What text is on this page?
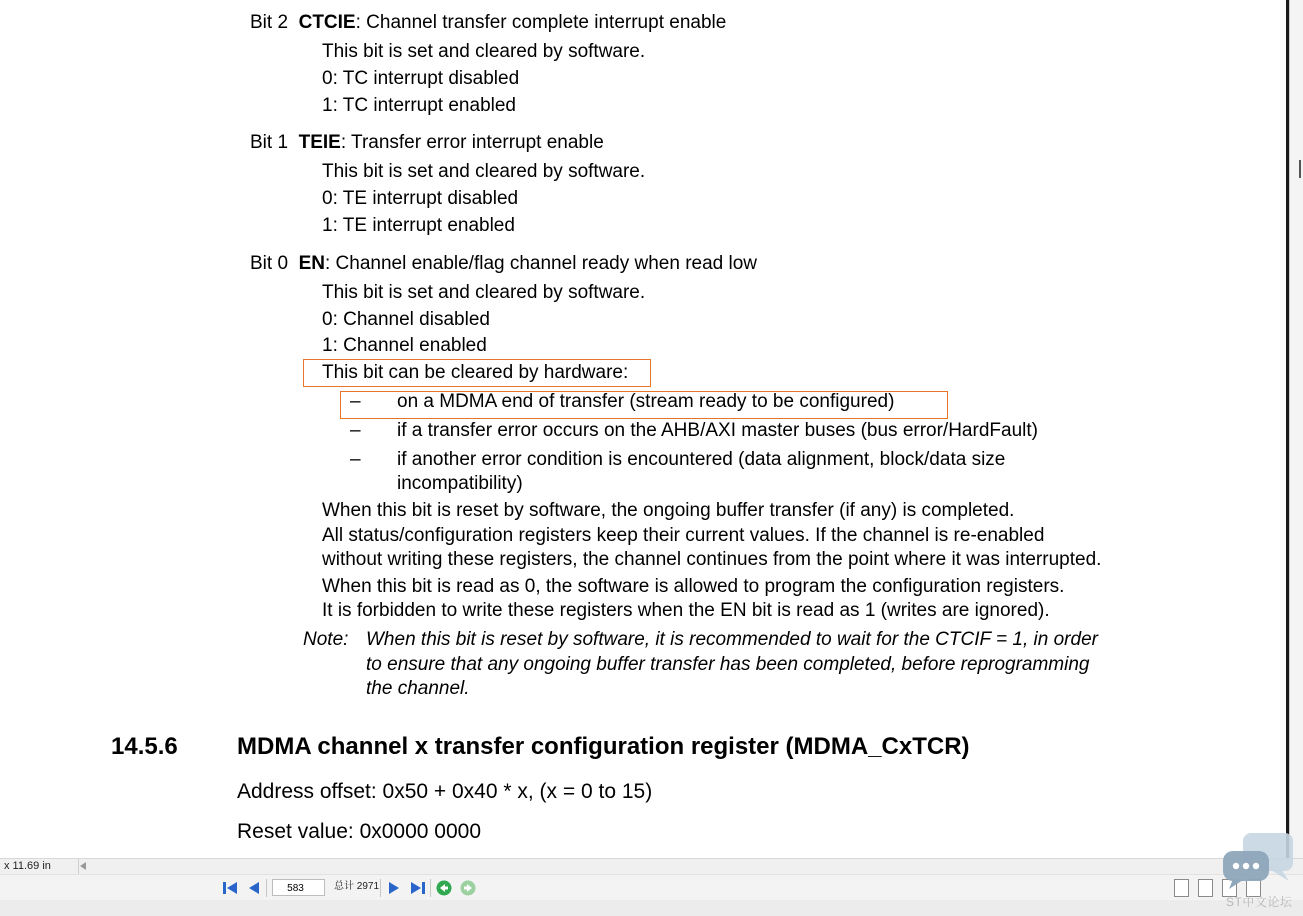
Bit 2 CTCIE: Channel transfer complete interrupt enable
This bit is set and cleared by software.
0: TC interrupt disabled
1: TC interrupt enabled
Bit 1 TEIE: Transfer error interrupt enable
This bit is set and cleared by software.
0: TE interrupt disabled
1: TE interrupt enabled
Bit 0 EN: Channel enable/flag channel ready when read low
This bit is set and cleared by software.
0: Channel disabled
1: Channel enabled
This bit can be cleared by hardware:
– on a MDMA end of transfer (stream ready to be configured)
– if a transfer error occurs on the AHB/AXI master buses (bus error/HardFault)
– if another error condition is encountered (data alignment, block/data size
incompatibility)
When this bit is reset by software, the ongoing buffer transfer (if any) is completed.
All status/configuration registers keep their current values. If the channel is re-enabled
without writing these registers, the channel continues from the point where it was interrupted.
When this bit is read as 0, the software is allowed to program the configuration registers.
It is forbidden to write these registers when the EN bit is read as 1 (writes are ignored).
Note: When this bit is reset by software, it is recommended to wait for the CTCIF = 1, in order
to ensure that any ongoing buffer transfer has been completed, before reprogramming
the channel.
14.5.6 MDMA channel x transfer configuration register (MDMA_CxTCR)
Address offset: 0x50 + 0x40 * x, (x = 0 to 15)
Reset value: 0x0000 0000
x 11.69 in
583	总计 2971
ST中文论坛
